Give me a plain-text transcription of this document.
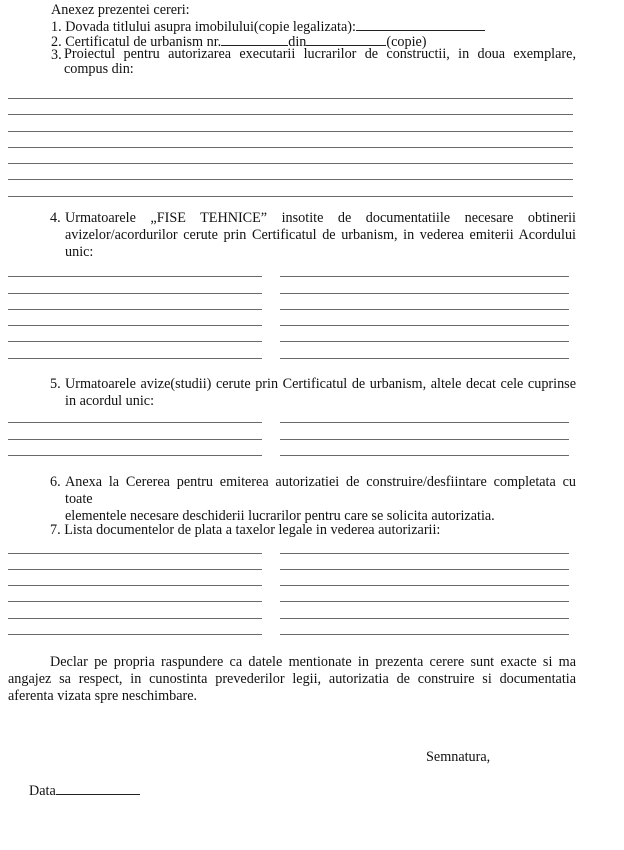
Anexez prezentei cereri:
1. Dovada titlului asupra imobilului(copie legalizata):
2. Certificatul de urbanism nr.	din	(copie)
3. Proiectul pentru autorizarea executarii lucrarilor de constructii, in doua exemplare,
compus din:
4. Urmatoarele „FISE TEHNICE” insotite de documentatiile necesare obtinerii
avizelor/acordurilor cerute prin Certificatul de urbanism, in vederea emiterii Acordului
unic:
5. Urmatoarele avize(studii) cerute prin Certificatul de urbanism, altele decat cele cuprinse
in acordul unic:
6. Anexa la Cererea pentru emiterea autorizatiei de construire/desfiintare completata cu toate
elementele necesare deschiderii lucrarilor pentru care se solicita autorizatia.
7. Lista documentelor de plata a taxelor legale in vederea autorizarii:
Declar pe propria raspundere ca datele mentionate in prezenta cerere sunt exacte si ma
angajez sa respect, in cunostinta prevederilor legii, autorizatia de construire si documentatia
aferenta vizata spre neschimbare.
Semnatura,
Data
